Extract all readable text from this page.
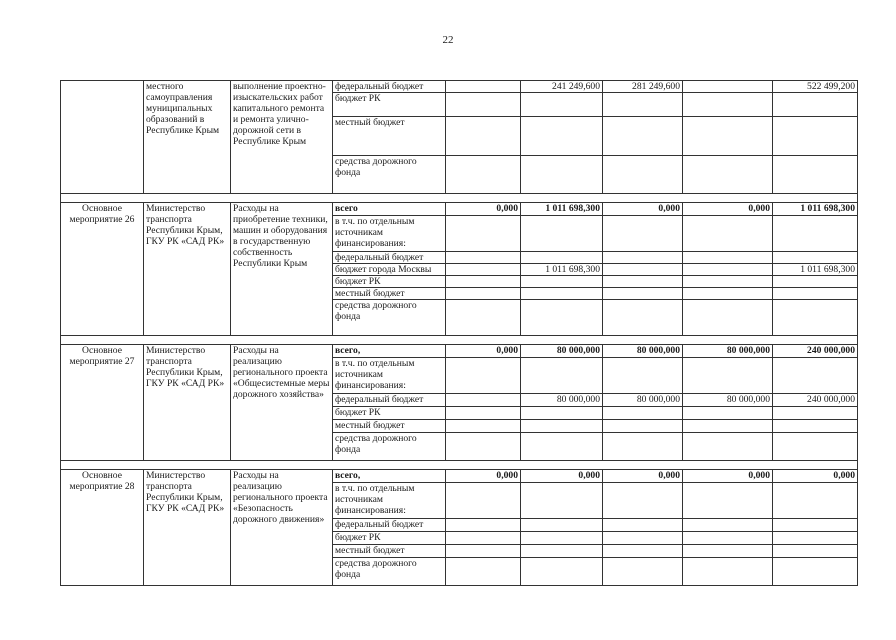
22
	местного самоуправления муниципальных образований в Республике Крым	выполнение проектно-изыскательских работ капитального ремонта и ремонта улично-дорожной сети в Республике Крым	федеральный бюджет		241 249,600	281 249,600		522 499,200
			бюджет РК					
			местный бюджет					
			средства дорожного фонда					

Основное мероприятие 26	Министерство транспорта Республики Крым, ГКУ РК «САД РК»	Расходы на приобретение техники, машин и оборудования в государственную собственность Республики Крым	всего	0,000	1 011 698,300	0,000	0,000	1 011 698,300
			в т.ч. по отдельным источникам финансирования:					
			федеральный бюджет					
			бюджет города Москвы		1 011 698,300			1 011 698,300
			бюджет РК					
			местный бюджет					
			средства дорожного фонда					

Основное мероприятие 27	Министерство транспорта Республики Крым, ГКУ РК «САД РК»	Расходы на реализацию регионального проекта «Общесистемные меры дорожного хозяйства»	всего,	0,000	80 000,000	80 000,000	80 000,000	240 000,000
			в т.ч. по отдельным источникам финансирования:					
			федеральный бюджет		80 000,000	80 000,000	80 000,000	240 000,000
			бюджет РК					
			местный бюджет					
			средства дорожного фонда					

Основное мероприятие 28	Министерство транспорта Республики Крым, ГКУ РК «САД РК»	Расходы на реализацию регионального проекта «Безопасность дорожного движения»	всего,	0,000	0,000	0,000	0,000	0,000
			в т.ч. по отдельным источникам финансирования:					
			федеральный бюджет					
			бюджет РК					
			местный бюджет					
			средства дорожного фонда					
